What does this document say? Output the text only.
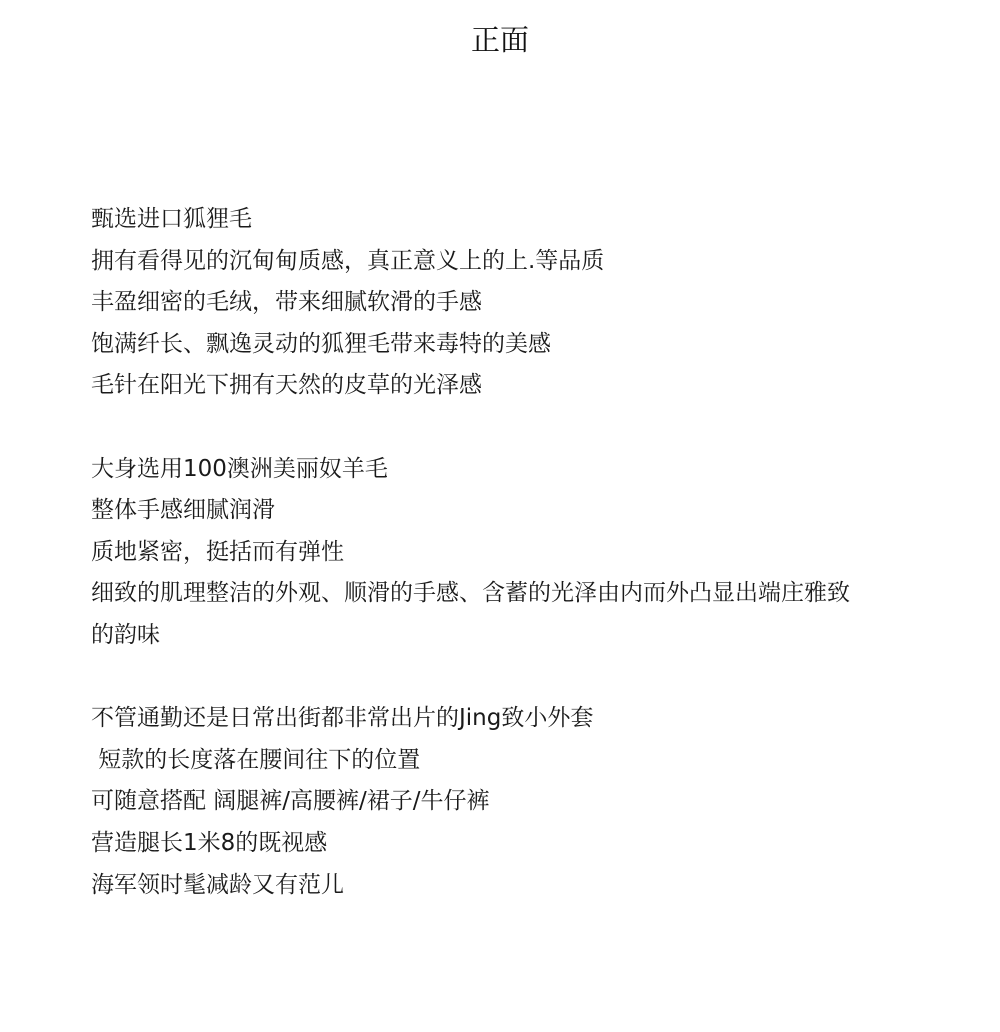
正面
甄选进口狐狸毛
拥有看得见的沉甸甸质感，真正意义上的上.等品质
丰盈细密的毛绒，带来细腻软滑的手感
饱满纤长、飘逸灵动的狐狸毛带来毒特的美感
毛针在阳光下拥有天然的皮草的光泽感
大身选用100澳洲美丽奴羊毛
整体手感细腻润滑
质地紧密，挺括而有弹性
细致的肌理整洁的外观、顺滑的手感、含蓄的光泽由内而外凸显出端庄雅致
的韵味
不管通勤还是日常出街都非常出片的Jing致小外套
短款的长度落在腰间往下的位置
可随意搭配 阔腿裤/高腰裤/裙子/牛仔裤
营造腿长1米8的既视感
海军领时髦减龄又有范儿
